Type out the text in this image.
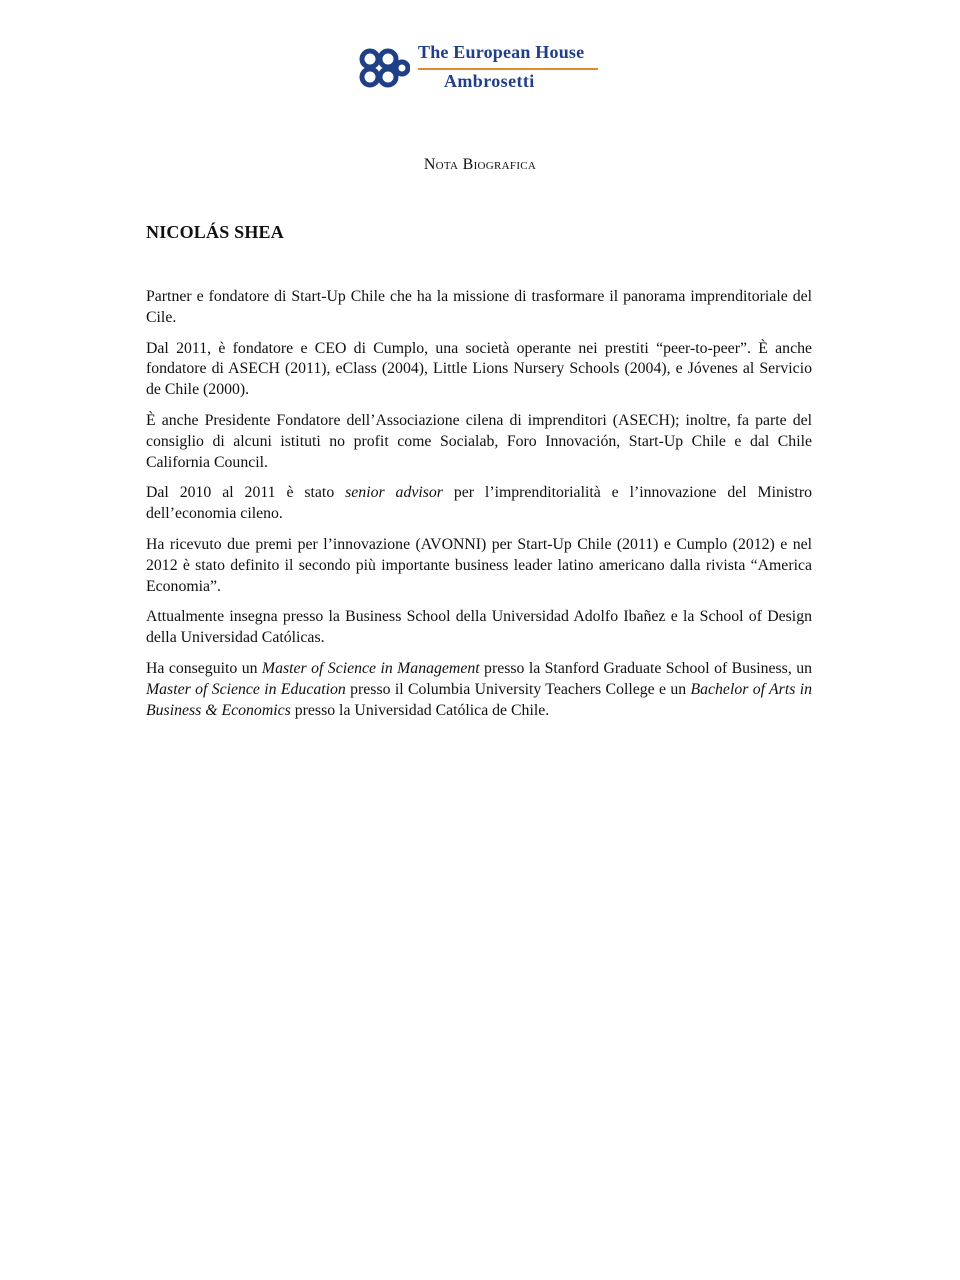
The European House
Ambrosetti
Nota Biografica
NICOLÁS SHEA

Partner e fondatore di Start-Up Chile che ha la missione di trasformare il panorama imprenditoriale del Cile.

Dal 2011, è fondatore e CEO di Cumplo, una società operante nei prestiti “peer-to-peer”. È anche fondatore di ASECH (2011), eClass (2004), Little Lions Nursery Schools (2004), e Jóvenes al Servicio de Chile (2000).

È anche Presidente Fondatore dell’Associazione cilena di imprenditori (ASECH); inoltre, fa parte del consiglio di alcuni istituti no profit come Socialab, Foro Innovación, Start-Up Chile e dal Chile California Council.

Dal 2010 al 2011 è stato senior advisor per l’imprenditorialità e l’innovazione del Ministro dell’economia cileno.

Ha ricevuto due premi per l’innovazione (AVONNI) per Start-Up Chile (2011) e Cumplo (2012) e nel 2012 è stato definito il secondo più importante business leader latino americano dalla rivista “America Economia”.

Attualmente insegna presso la Business School della Universidad Adolfo Ibañez e la School of Design della Universidad Católicas.

Ha conseguito un Master of Science in Management presso la Stanford Graduate School of Business, un Master of Science in Education presso il Columbia University Teachers College e un Bachelor of Arts in Business & Economics presso la Universidad Católica de Chile.
